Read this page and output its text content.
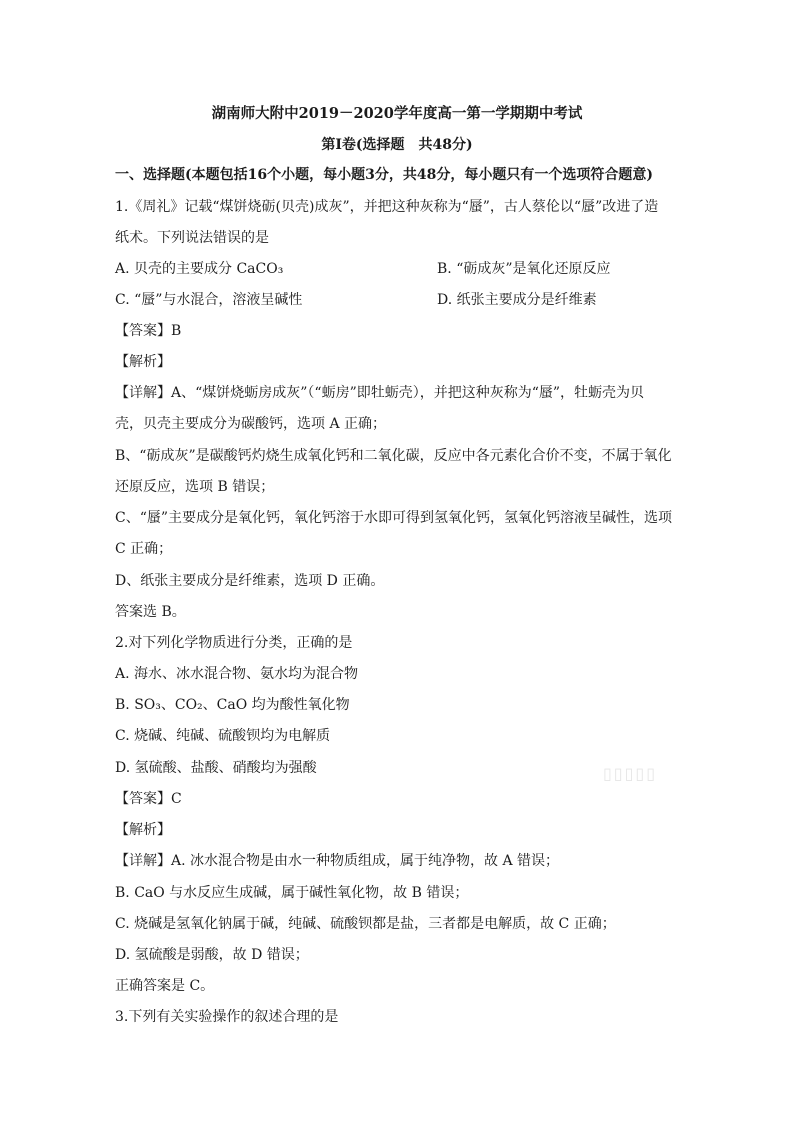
湖南师大附中2019－2020学年度高一第一学期期中考试
第Ⅰ卷(选择题　共48分)
一、选择题(本题包括16个小题，每小题3分，共48分，每小题只有一个选项符合题意)
1.《周礼》记载“煤饼烧砺(贝壳)成灰”，并把这种灰称为“蜃”，古人蔡伦以“蜃”改进了造
纸术。下列说法错误的是
A. 贝壳的主要成分 CaCO₃	B. “砺成灰”是氧化还原反应
C. “蜃”与水混合，溶液呈碱性	D. 纸张主要成分是纤维素
【答案】B
【解析】
【详解】A、“煤饼烧蛎房成灰”（“蛎房”即牡蛎壳），并把这种灰称为“蜃”，牡蛎壳为贝
壳，贝壳主要成分为碳酸钙，选项 A 正确；
B、“砺成灰”是碳酸钙灼烧生成氧化钙和二氧化碳，反应中各元素化合价不变，不属于氧化
还原反应，选项 B 错误；
C、“蜃”主要成分是氧化钙，氧化钙溶于水即可得到氢氧化钙，氢氧化钙溶液呈碱性，选项
C 正确；
D、纸张主要成分是纤维素，选项 D 正确。
答案选 B。
2.对下列化学物质进行分类，正确的是
A. 海水、冰水混合物、氨水均为混合物
B. SO₃、CO₂、CaO 均为酸性氧化物
C. 烧碱、纯碱、硫酸钡均为电解质
D. 氢硫酸、盐酸、硝酸均为强酸
【答案】C
【解析】
【详解】A. 冰水混合物是由水一种物质组成，属于纯净物，故 A 错误；
B. CaO 与水反应生成碱，属于碱性氧化物，故 B 错误；
C. 烧碱是氢氧化钠属于碱，纯碱、硫酸钡都是盐，三者都是电解质，故 C 正确；
D. 氢硫酸是弱酸，故 D 错误；
正确答案是 C。
3.下列有关实验操作的叙述合理的是
▯▯▯▯▯
